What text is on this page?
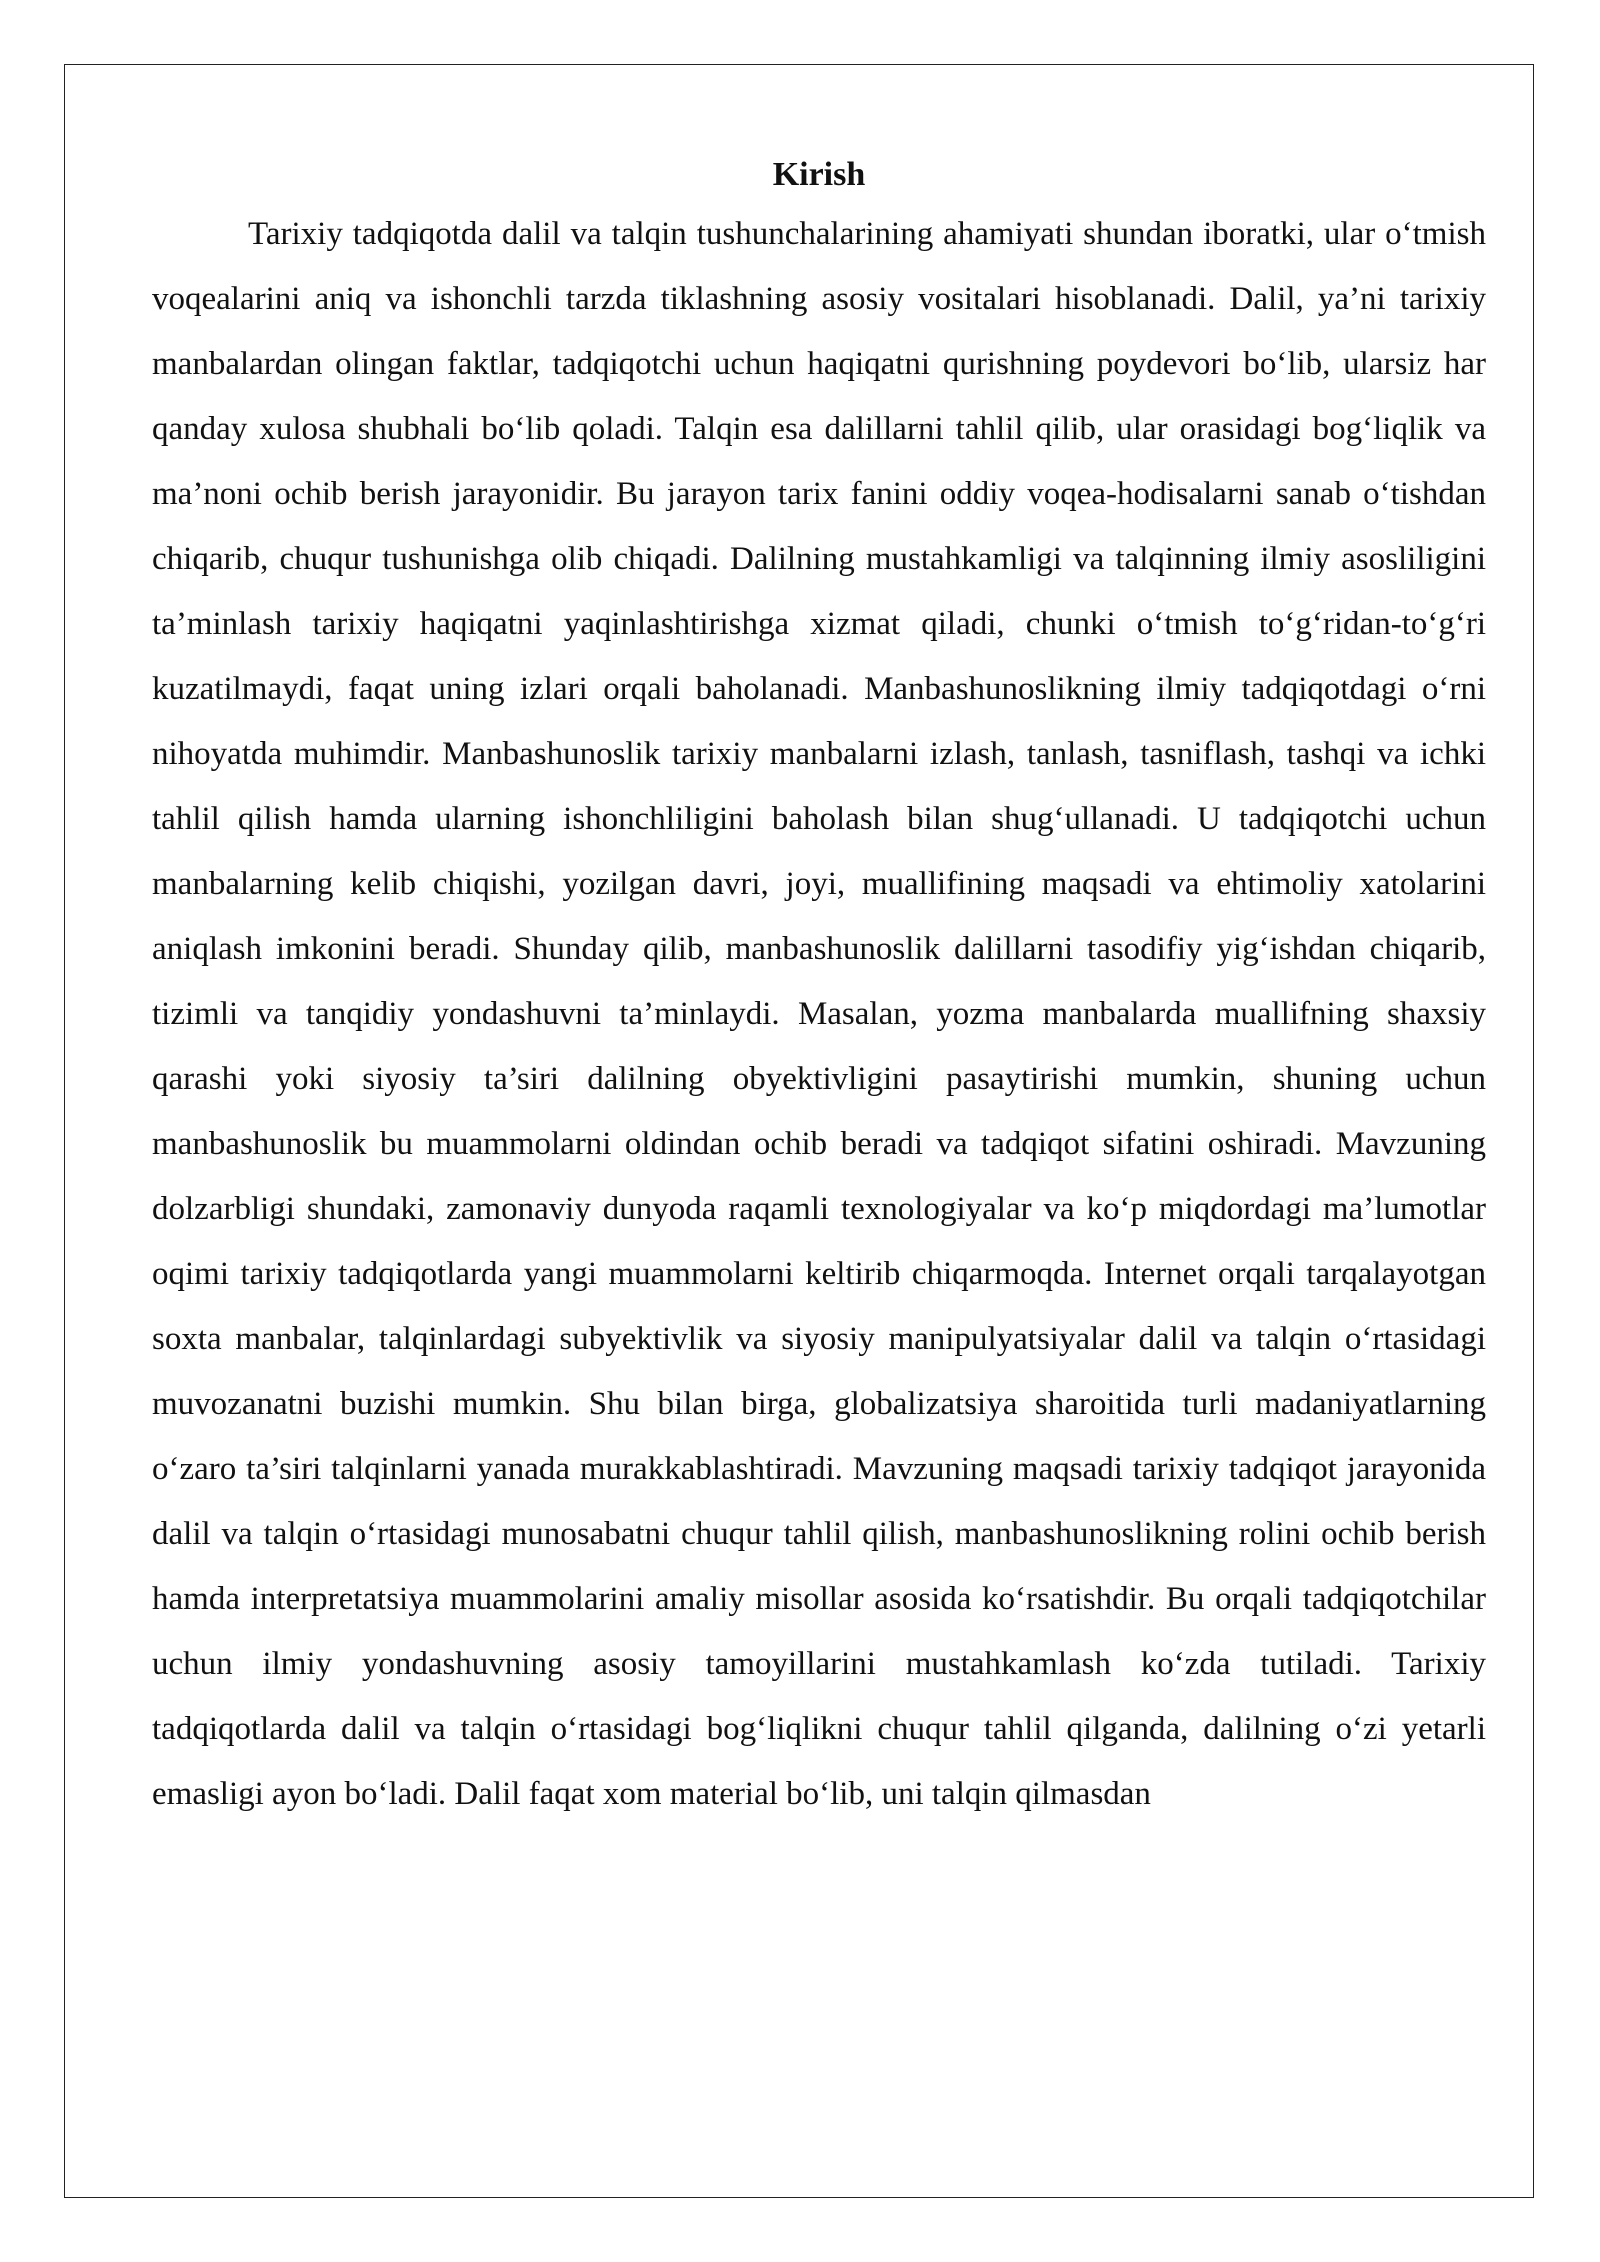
Kirish

Tarixiy tadqiqotda dalil va talqin tushunchalarining ahamiyati shundan iboratki, ular o‘tmish voqealarini aniq va ishonchli tarzda tiklashning asosiy vositalari hisoblanadi. Dalil, ya’ni tarixiy manbalardan olingan faktlar, tadqiqotchi uchun haqiqatni qurishning poydevori bo‘lib, ularsiz har qanday xulosa shubhali bo‘lib qoladi. Talqin esa dalillarni tahlil qilib, ular orasidagi bog‘liqlik va ma’noni ochib berish jarayonidir. Bu jarayon tarix fanini oddiy voqea-hodisalarni sanab o‘tishdan chiqarib, chuqur tushunishga olib chiqadi. Dalilning mustahkamligi va talqinning ilmiy asosliligini ta’minlash tarixiy haqiqatni yaqinlashtirishga xizmat qiladi, chunki o‘tmish to‘g‘ridan-to‘g‘ri kuzatilmaydi, faqat uning izlari orqali baholanadi. Manbashunoslikning ilmiy tadqiqotdagi o‘rni nihoyatda muhimdir. Manbashunoslik tarixiy manbalarni izlash, tanlash, tasniflash, tashqi va ichki tahlil qilish hamda ularning ishonchliligini baholash bilan shug‘ullanadi. U tadqiqotchi uchun manbalarning kelib chiqishi, yozilgan davri, joyi, muallifining maqsadi va ehtimoliy xatolarini aniqlash imkonini beradi. Shunday qilib, manbashunoslik dalillarni tasodifiy yig‘ishdan chiqarib, tizimli va tanqidiy yondashuvni ta’minlaydi. Masalan, yozma manbalarda muallifning shaxsiy qarashi yoki siyosiy ta’siri dalilning obyektivligini pasaytirishi mumkin, shuning uchun manbashunoslik bu muammolarni oldindan ochib beradi va tadqiqot sifatini oshiradi. Mavzuning dolzarbligi shundaki, zamonaviy dunyoda raqamli texnologiyalar va ko‘p miqdordagi ma’lumotlar oqimi tarixiy tadqiqotlarda yangi muammolarni keltirib chiqarmoqda. Internet orqali tarqalayotgan soxta manbalar, talqinlardagi subyektivlik va siyosiy manipulyatsiyalar dalil va talqin o‘rtasidagi muvozanatni buzishi mumkin. Shu bilan birga, globalizatsiya sharoitida turli madaniyatlarning o‘zaro ta’siri talqinlarni yanada murakkablashtiradi. Mavzuning maqsadi tarixiy tadqiqot jarayonida dalil va talqin o‘rtasidagi munosabatni chuqur tahlil qilish, manbashunoslikning rolini ochib berish hamda interpretatsiya muammolarini amaliy misollar asosida ko‘rsatishdir. Bu orqali tadqiqotchilar uchun ilmiy yondashuvning asosiy tamoyillarini mustahkamlash ko‘zda tutiladi. Tarixiy tadqiqotlarda dalil va talqin o‘rtasidagi bog‘liqlikni chuqur tahlil qilganda, dalilning o‘zi yetarli emasligi ayon bo‘ladi. Dalil faqat xom material bo‘lib, uni talqin qilmasdan
